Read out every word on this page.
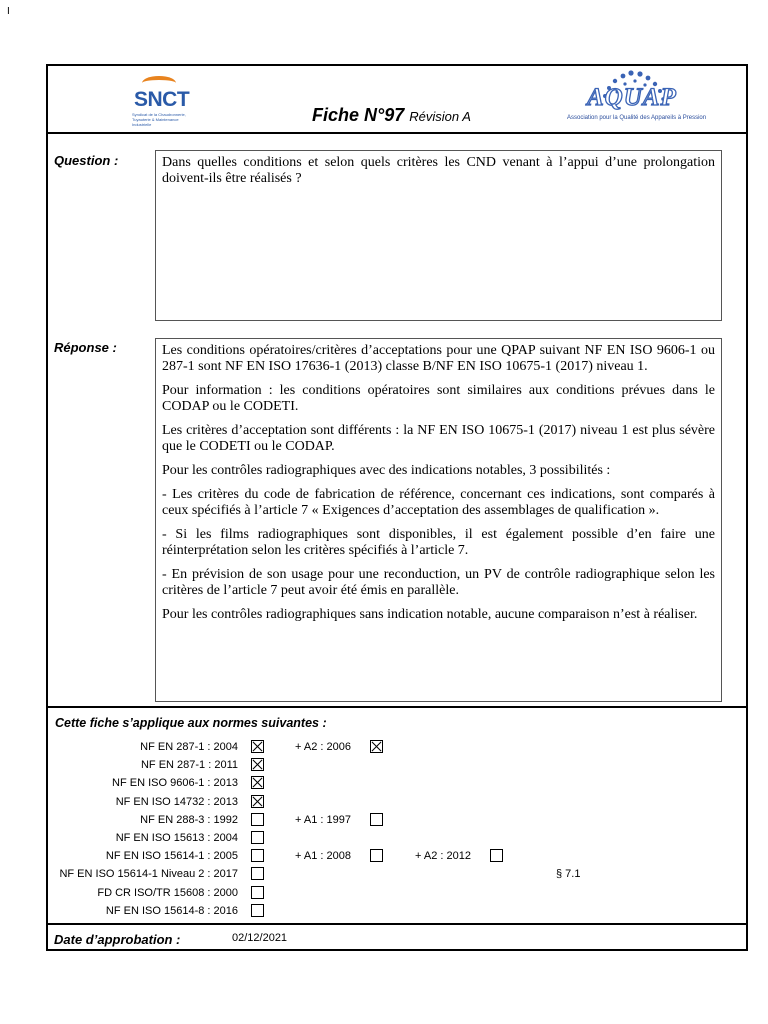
I
SNCT
Syndicat de la Chaudronnerie, Tuyauterie & Maintenance Industrielle
AQUAP
Association pour la Qualité des Appareils à Pression
Fiche N°97 Révision A
Question :	Dans quelles conditions et selon quels critères les CND venant à l’appui d’une prolongation doivent-ils être réalisés ?

Réponse :	Les conditions opératoires/critères d’acceptations pour une QPAP suivant NF EN ISO 9606-1 ou 287-1 sont NF EN ISO 17636-1 (2013) classe B/NF EN ISO 10675-1 (2017) niveau 1.

Pour information : les conditions opératoires sont similaires aux conditions prévues dans le CODAP ou le CODETI.

Les critères d’acceptation sont différents : la NF EN ISO 10675-1 (2017) niveau 1 est plus sévère que le CODETI ou le CODAP.

Pour les contrôles radiographiques avec des indications notables, 3 possibilités :

- Les critères du code de fabrication de référence, concernant ces indications, sont comparés à ceux spécifiés à l’article 7 « Exigences d’acceptation des assemblages de qualification ».

- Si les films radiographiques sont disponibles, il est également possible d’en faire une réinterprétation selon les critères spécifiés à l’article 7.

- En prévision de son usage pour une reconduction, un PV de contrôle radiographique selon les critères de l’article 7 peut avoir été émis en parallèle.

Pour les contrôles radiographiques sans indication notable, aucune comparaison n’est à réaliser.

Cette fiche s’applique aux normes suivantes :
NF EN 287-1 : 2004	+ A2 : 2006
NF EN 287-1 : 2011
NF EN ISO 9606-1 : 2013
NF EN ISO 14732 : 2013
NF EN 288-3 : 1992	+ A1 : 1997
NF EN ISO 15613 : 2004
NF EN ISO 15614-1 : 2005	+ A1 : 2008	+ A2 : 2012
NF EN ISO 15614-1 Niveau 2 : 2017	§ 7.1
FD CR ISO/TR 15608 : 2000
NF EN ISO 15614-8 : 2016
Date d’approbation :	02/12/2021
